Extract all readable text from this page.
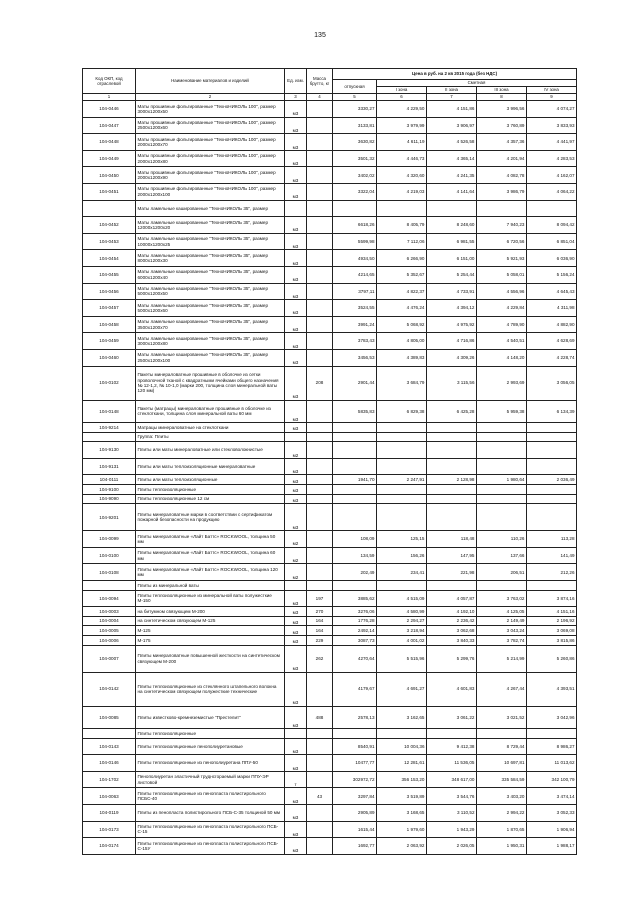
135
Код ОКП, код отраслевой	Наименование материалов и изделий	Ед. изм.	Масса брутто, кг	Цена в руб. на 2 кв 2015 года (без НДС)				
				отпускная	Сметная			
					I зона	II зона	III зона	IV зона
1	2	3	4	5	6	7	8	9
104-0446	Маты прошивные фольгированные "ТехноНИКОЛЬ 100", размер 3000х1200х50	м3		3330,27	4 229,50	4 151,86	3 996,56	4 074,27
104-0447	Маты прошивные фольгированные "ТехноНИКОЛЬ 100", размер 2500х1200х60	м3		3133,81	3 979,99	3 906,97	3 760,89	3 833,93
104-0448	Маты прошивные фольгированные "ТехноНИКОЛЬ 100", размер 2000х1200х70	м3		3630,82	4 611,19	4 526,58	4 357,36	4 441,97
104-0449	Маты прошивные фольгированные "ТехноНИКОЛЬ 100", размер 2000х1200х80	м3		3501,32	4 446,73	4 365,14	4 201,94	4 283,53
104-0450	Маты прошивные фольгированные "ТехноНИКОЛЬ 100", размер 2000х1200х90	м3		3402,02	4 320,60	4 241,35	4 082,78	4 162,07
104-0451	Маты прошивные фольгированные "ТехноНИКОЛЬ 100", размер 2000х1200х100	м3		3322,04	4 219,03	4 141,64	3 986,79	4 064,22
	Маты ламельные кашированные "ТехноНИКОЛЬ 35", размер							
104-0452	Маты ламельные кашированные "ТехноНИКОЛЬ 35", размер 12000х1200х20	м3		6618,26	8 405,79	8 248,60	7 940,23	8 094,42
104-0453	Маты ламельные кашированные "ТехноНИКОЛЬ 35", размер 10000х1200х25	м3		5599,98	7 112,06	6 981,55	6 720,56	6 851,04
104-0454	Маты ламельные кашированные "ТехноНИКОЛЬ 35", размер 8000х1200х30	м3		4934,50	6 266,90	6 151,00	5 921,93	6 036,90
104-0455	Маты ламельные кашированные "ТехноНИКОЛЬ 35", размер 6000х1200х40	м3		4214,65	5 352,67	5 254,44	5 058,01	5 156,24
104-0456	Маты ламельные кашированные "ТехноНИКОЛЬ 35", размер 5000х1200х50	м3		3797,11	4 822,37	4 733,91	4 556,96	4 645,43
104-0457	Маты ламельные кашированные "ТехноНИКОЛЬ 35", размер 5000х1200х60	м3		3524,55	4 476,24	4 394,12	4 229,84	4 311,98
104-0458	Маты ламельные кашированные "ТехноНИКОЛЬ 35", размер 3500х1200х70	м3		3991,24	5 068,92	4 975,92	4 789,90	4 882,90
104-0459	Маты ламельные кашированные "ТехноНИКОЛЬ 35", размер 3000х1200х80	м3		3783,43	4 805,00	4 716,86	4 540,51	4 628,69
104-0460	Маты ламельные кашированные "ТехноНИКОЛЬ 35", размер 2500х1200х100	м3		3456,53	4 389,83	4 309,26	4 148,20	4 228,74
104-0102	Пакеты минераловатные прошивные в оболочке из сетки проволочной тканой с квадратными ячейками общего назначения № 12-1,2, № 10-1,0 (марки 200, толщина слоя минеральной ваты 120 мм)	м3	208	2901,44	3 684,79	3 115,56	2 993,69	3 056,05
104-0148	Пакеты (матрацы) минераловатные прошивные в оболочке из стеклоткани, толщина слоя минеральной ваты 60 мм	м3		5835,83	6 829,38	6 425,28	5 959,38	6 134,39
104-9214	Матрацы минераловатные на стеклоткани	м3						
	Группа: Плиты							
104-9130	Плиты или маты минераловатные или стекловолокнистые	м2						
104-9131	Плиты или маты теплоизоляционные минераловатные	м3						
104-0111	Плиты или маты теплоизоляционные	м3		1941,70	2 247,91	2 128,98	1 980,64	2 036,49
104-9100	Плиты теплоизоляционные	м3						
104-9090	Плиты теплоизоляционные 12 см	м3						
104-9201	Плиты минераловатные марки в соответствии с сертификатом пожарной безопасности на продукцию	м3						
104-0099	Плиты минераловатные «Лайт Баттс» ROCKWOOL, толщина 50 мм	м2		108,09	125,15	118,48	110,26	113,28
104-0100	Плиты минераловатные «Лайт Баттс» ROCKWOOL, толщина 60 мм	м2		134,59	156,26	147,95	137,66	141,49
104-0108	Плиты минераловатные «Лайт Баттс» ROCKWOOL, толщина 120 мм	м2		202,49	234,41	221,98	206,51	212,26
	Плиты из минеральной ваты							
104-0094	Плиты теплоизоляционные из минеральной ваты полужесткие М-150	м3	197	3885,62	4 515,09	4 057,87	3 763,02	3 874,16
104-0003	на битумном связующем М-200	м3	270	3276,06	4 580,99	4 192,10	4 125,05	4 151,16
104-0004	на синтетическом связующем М-125	м3	164	1776,28	2 294,27	2 236,42	2 149,49	2 196,92
104-0005	М-125	м3	164	2492,14	3 218,94	3 062,68	3 043,24	3 069,08
104-0006	М-175	м3	229	3087,73	4 001,02	3 840,33	3 782,74	3 815,86
104-0007	Плиты минераловатные повышенной жесткости на синтетическом связующем М-200	м3	262	4270,64	5 515,96	5 299,76	5 214,99	5 260,86
104-0142	Плиты теплоизоляционные из стеклянного штапельного волокна на синтетическом связующем полужесткие технические	м3		4179,67	4 691,27	4 601,83	4 267,44	4 393,51
104-0085	Плиты известково-кремнеземистые "Престелит"	м3	488	2578,13	3 162,65	3 061,22	3 021,52	3 042,96
	Плиты теплоизоляционные							
104-0143	Плиты теплоизоляционные пенополиуретановые	м3		8540,91	10 004,36	9 412,38	8 729,44	8 986,27
104-0146	Плиты теплоизоляционные из пенополиуретана ППУ-50	м3		10477,77	12 281,61	11 536,05	10 697,81	11 013,62
104-1702	Пенополиуретан эластичный труднсгораемый марки ППУ-ЭР листовой	т		302972,72	356 153,20	348 617,00	335 584,59	342 100,79
104-0063	Плиты теплоизоляционные из пенопласта полистирольного ПСБС-40	м3	43	3297,84	3 519,89	3 544,76	3 403,20	3 474,14
104-0119	Плиты из пенопласта полистирольного ПСБ-С-35 толщиной 50 мм	м3		2905,89	3 168,65	3 110,52	2 994,22	3 052,33
104-0173	Плиты теплоизоляционные из пенопласта полистирольного ПСБ-С-15	м3		1615,44	1 979,60	1 943,29	1 870,65	1 906,94
104-0174	Плиты теплоизоляционные из пенопласта полистирольного ПСБ-С-15У	м3		1692,77	2 063,92	2 026,05	1 950,31	1 988,17
